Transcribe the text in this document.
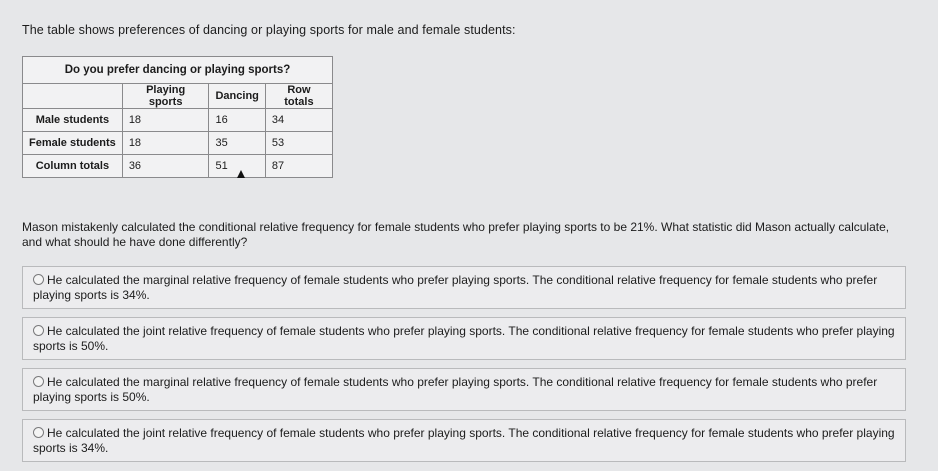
The table shows preferences of dancing or playing sports for male and female students:
Do you prefer dancing or playing sports?			
	Playing sports	Dancing	Row totals
Male students	18	16	34
Female students	18	35	53
Column totals	36	51	87
Mason mistakenly calculated the conditional relative frequency for female students who prefer playing sports to be 21%. What statistic did Mason actually calculate, and what should he have done differently?
He calculated the marginal relative frequency of female students who prefer playing sports. The conditional relative frequency for female students who prefer playing sports is 34%.
He calculated the joint relative frequency of female students who prefer playing sports. The conditional relative frequency for female students who prefer playing sports is 50%.
He calculated the marginal relative frequency of female students who prefer playing sports. The conditional relative frequency for female students who prefer playing sports is 50%.
He calculated the joint relative frequency of female students who prefer playing sports. The conditional relative frequency for female students who prefer playing sports is 34%.
